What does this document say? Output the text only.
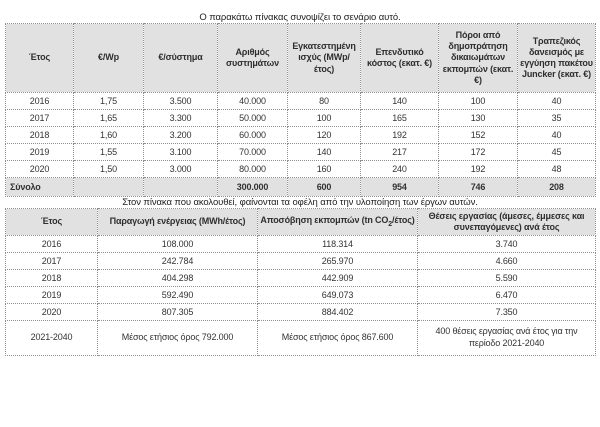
Ο παρακάτω πίνακας συνοψίζει το σενάριο αυτό.

Έτος	€/Wp	€/σύστημα	Αριθμός συστημάτων	Εγκατεστημένη ισχύς (MWp/ έτος)	Επενδυτικό κόστος (εκατ. €)	Πόροι από δημοπράτηση δικαιωμάτων εκπομπών (εκατ. €)	Τραπεζικός δανεισμός με εγγύηση πακέτου Juncker (εκατ. €)
2016	1,75	3.500	40.000	80	140	100	40
2017	1,65	3.300	50.000	100	165	130	35
2018	1,60	3.200	60.000	120	192	152	40
2019	1,55	3.100	70.000	140	217	172	45
2020	1,50	3.000	80.000	160	240	192	48
Σύνολο			300.000	600	954	746	208

Στον πίνακα που ακολουθεί, φαίνονται τα οφέλη από την υλοποίηση των έργων αυτών.

Έτος	Παραγωγή ενέργειας (MWh/έτος)	Αποσόβηση εκπομπών (tn $CO_2/έ\tau o\varsigma$)	Θέσεις εργασίας (άμεσες, έμμεσες και συνεπαγόμενες) ανά έτος
2016	108.000	118.314	3.740
2017	242.784	265.970	4.660
2018	404.298	442.909	5.590
2019	592.490	649.073	6.470
2020	807.305	884.402	7.350
2021-2040	Μέσος ετήσιος όρος 792.000	Μέσος ετήσιος όρος 867.600	400 θέσεις εργασίας ανά έτος για την περίοδο 2021-2040
